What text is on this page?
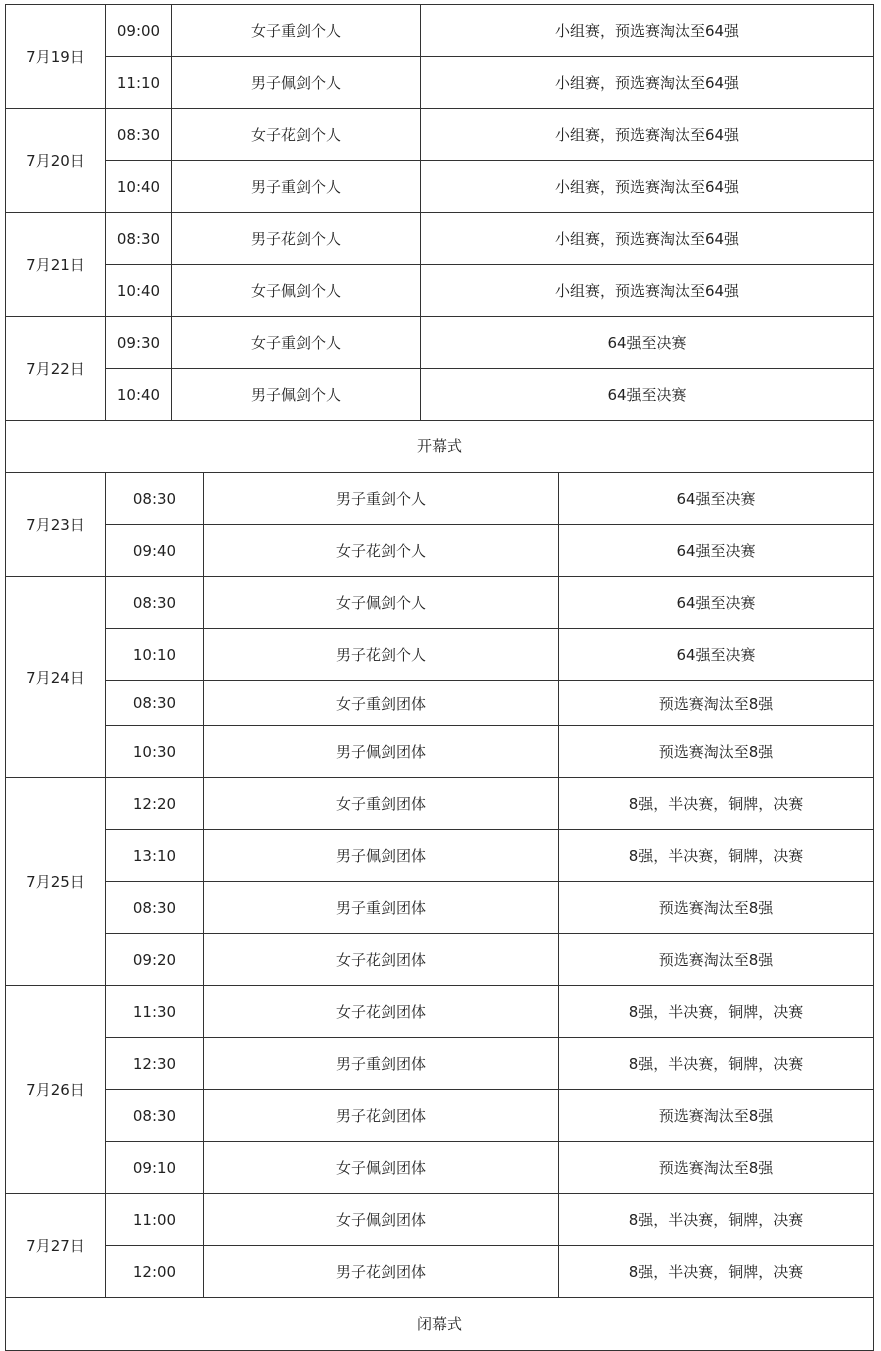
7月19日	09:00	女子重剑个人	小组赛，预选赛淘汰至64强
	11:10	男子佩剑个人	小组赛，预选赛淘汰至64强
7月20日	08:30	女子花剑个人	小组赛，预选赛淘汰至64强
	10:40	男子重剑个人	小组赛，预选赛淘汰至64强
7月21日	08:30	男子花剑个人	小组赛，预选赛淘汰至64强
	10:40	女子佩剑个人	小组赛，预选赛淘汰至64强
7月22日	09:30	女子重剑个人	64强至决赛
	10:40	男子佩剑个人	64强至决赛
开幕式
7月23日	08:30	男子重剑个人	64强至决赛
	09:40	女子花剑个人	64强至决赛
7月24日	08:30	女子佩剑个人	64强至决赛
	10:10	男子花剑个人	64强至决赛
	08:30	女子重剑团体	预选赛淘汰至8强
	10:30	男子佩剑团体	预选赛淘汰至8强
7月25日	12:20	女子重剑团体	8强，半决赛，铜牌，决赛
	13:10	男子佩剑团体	8强，半决赛，铜牌，决赛
	08:30	男子重剑团体	预选赛淘汰至8强
	09:20	女子花剑团体	预选赛淘汰至8强
7月26日	11:30	女子花剑团体	8强，半决赛，铜牌，决赛
	12:30	男子重剑团体	8强，半决赛，铜牌，决赛
	08:30	男子花剑团体	预选赛淘汰至8强
	09:10	女子佩剑团体	预选赛淘汰至8强
7月27日	11:00	女子佩剑团体	8强，半决赛，铜牌，决赛
	12:00	男子花剑团体	8强，半决赛，铜牌，决赛
闭幕式
